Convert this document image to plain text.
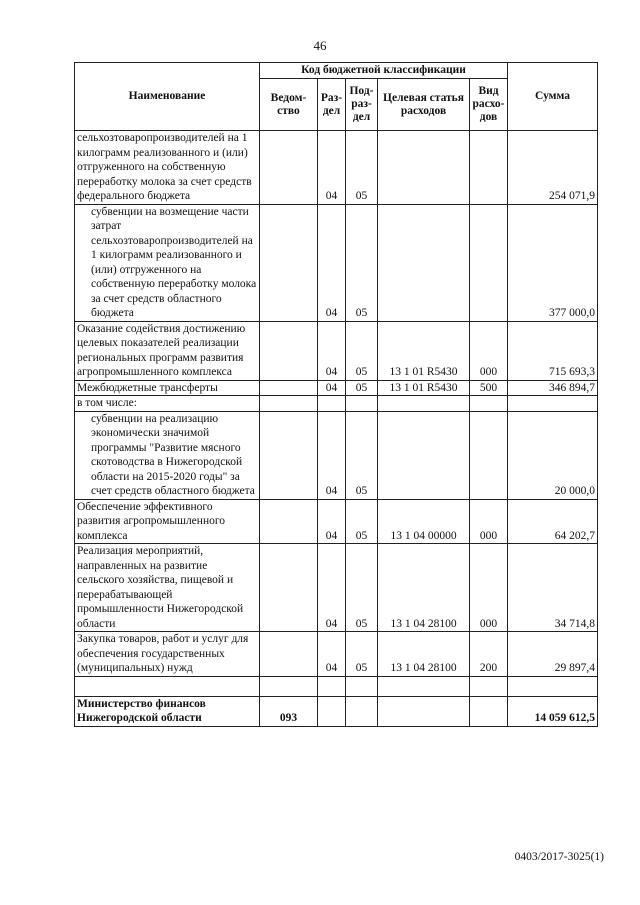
46
Наименование	Код бюджетной классификации					Сумма
	Ведом-ство	Раз-дел	Под-раз-дел	Целевая статья расходов	Вид расхо-дов	
сельхозтоваропроизводителей на 1 килограмм реализованного и (или) отгруженного на собственную переработку молока за счет средств федерального бюджета		04	05			254 071,9
субвенции на возмещение части затрат сельхозтоваропроизводителей на 1 килограмм реализованного и (или) отгруженного на собственную переработку молока за счет средств областного бюджета		04	05			377 000,0
Оказание содействия достижению целевых показателей реализации региональных программ развития агропромышленного комплекса		04	05	13 1 01 R5430	000	715 693,3
Межбюджетные трансферты		04	05	13 1 01 R5430	500	346 894,7
в том числе:						
субвенции на реализацию экономически значимой программы "Развитие мясного скотоводства в Нижегородской области на 2015-2020 годы" за счет средств областного бюджета		04	05			20 000,0
Обеспечение эффективного развития агропромышленного комплекса		04	05	13 1 04 00000	000	64 202,7
Реализация мероприятий, направленных на развитие сельского хозяйства, пищевой и перерабатывающей промышленности Нижегородской области		04	05	13 1 04 28100	000	34 714,8
Закупка товаров, работ и услуг для обеспечения государственных (муниципальных) нужд		04	05	13 1 04 28100	200	29 897,4

Министерство финансов Нижегородской области	093					14 059 612,5
0403/2017-3025(1)
